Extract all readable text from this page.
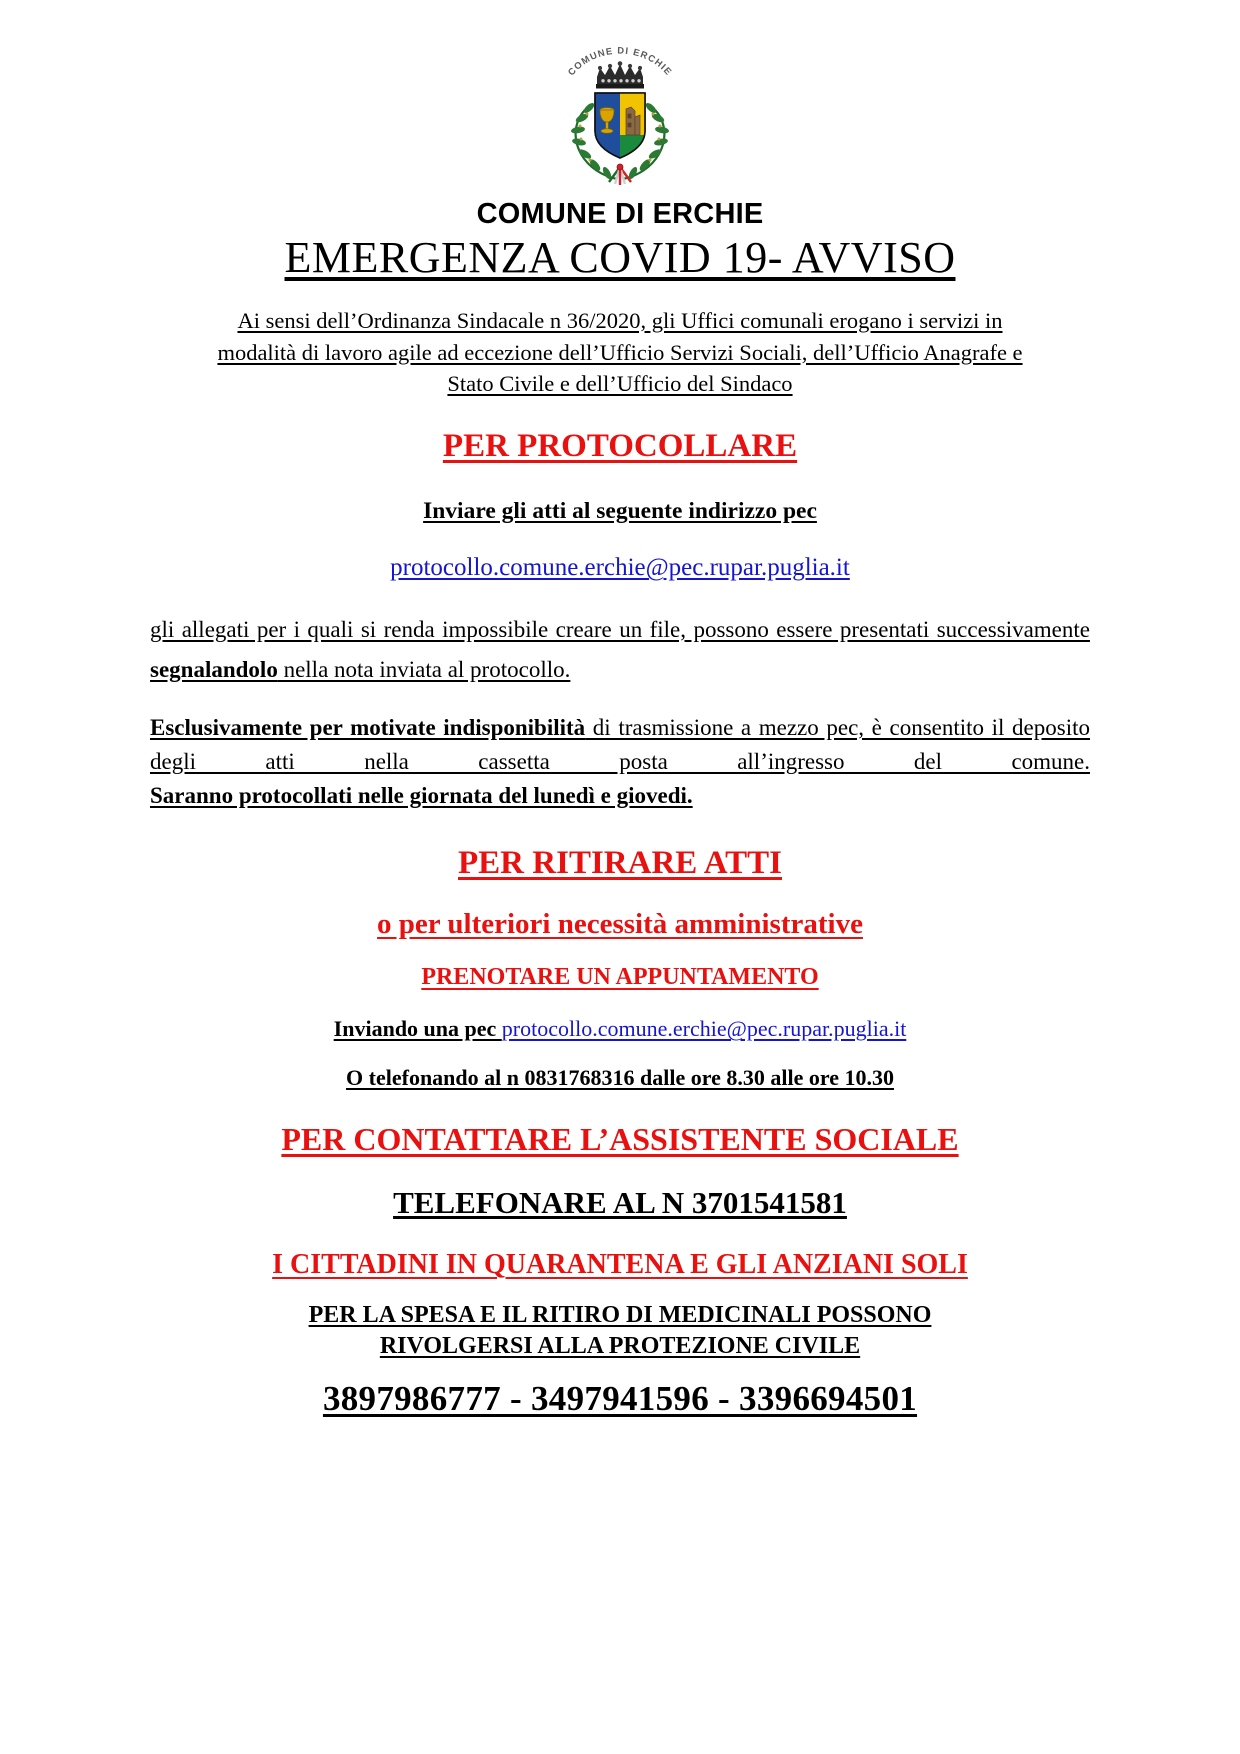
COMUNE DI ERCHIE
COMUNE DI ERCHIE
EMERGENZA COVID 19- AVVISO
Ai sensi dell’Ordinanza Sindacale n 36/2020, gli Uffici comunali erogano i servizi in
modalità di lavoro agile ad eccezione dell’Ufficio Servizi Sociali, dell’Ufficio Anagrafe e
Stato Civile e dell’Ufficio del Sindaco
PER PROTOCOLLARE
Inviare gli atti al seguente indirizzo pec
protocollo.comune.erchie@pec.rupar.puglia.it
gli allegati per i quali si renda impossibile creare un file, possono essere presentati successivamente
segnalandolo nella nota inviata al protocollo.
Esclusivamente per motivate indisponibilità di trasmissione a mezzo pec, è consentito il deposito degli atti nella cassetta posta all’ingresso del comune.
Saranno protocollati nelle giornata del lunedì e giovedi.
PER RITIRARE ATTI
o per ulteriori necessità amministrative
PRENOTARE UN APPUNTAMENTO
Inviando una pec protocollo.comune.erchie@pec.rupar.puglia.it
O telefonando al n 0831768316 dalle ore 8.30 alle ore 10.30
PER CONTATTARE L’ASSISTENTE SOCIALE
TELEFONARE AL N 3701541581
I CITTADINI IN QUARANTENA E GLI ANZIANI SOLI
PER LA SPESA E IL RITIRO DI MEDICINALI POSSONO
RIVOLGERSI ALLA PROTEZIONE CIVILE
3897986777 - 3497941596 - 3396694501
